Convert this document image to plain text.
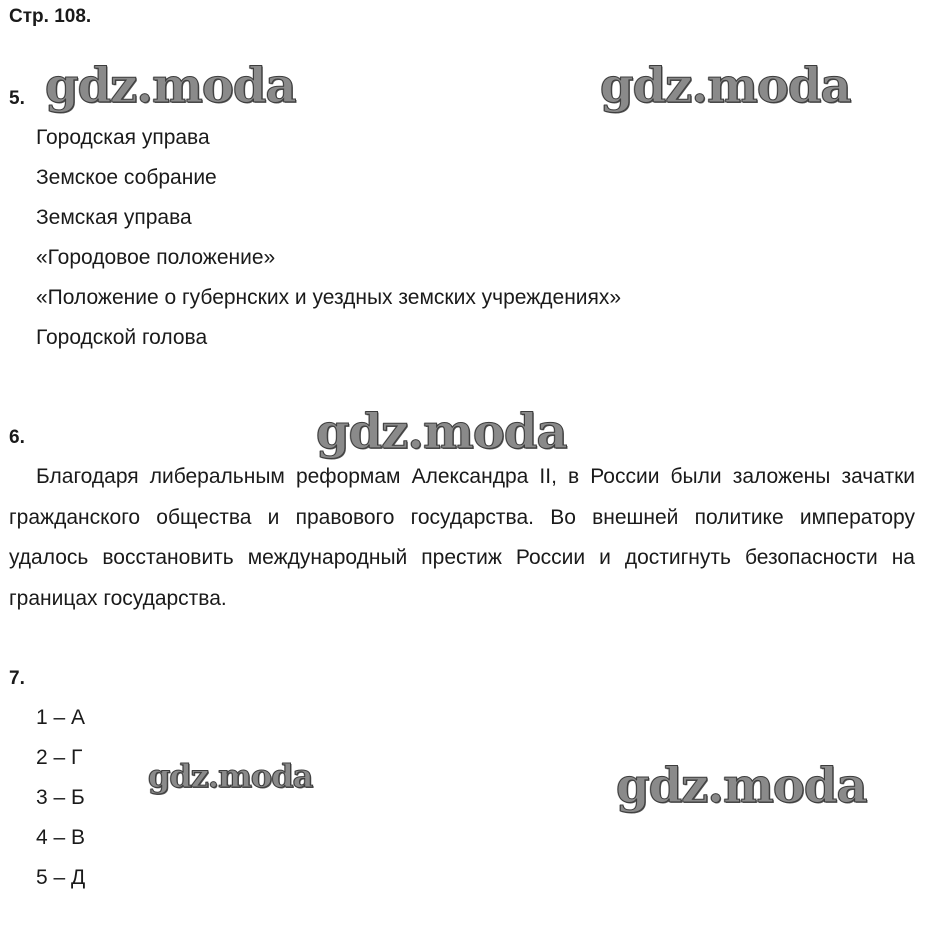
Стр. 108.

5.

Городская управа
Земское собрание
Земская управа
«Городовое положение»
«Положение о губернских и уездных земских учреждениях»
Городской голова

6.

Благодаря либеральным реформам Александра II, в России были заложены зачатки гражданского общества и правового государства. Во внешней политике императору удалось восстановить международный престиж России и достигнуть безопасности на границах государства.

7.

1 – А
2 – Г
3 – Б
4 – В
5 – Д
gdz.moda	gdz.moda
gdz.moda
gdz.moda	gdz.moda
